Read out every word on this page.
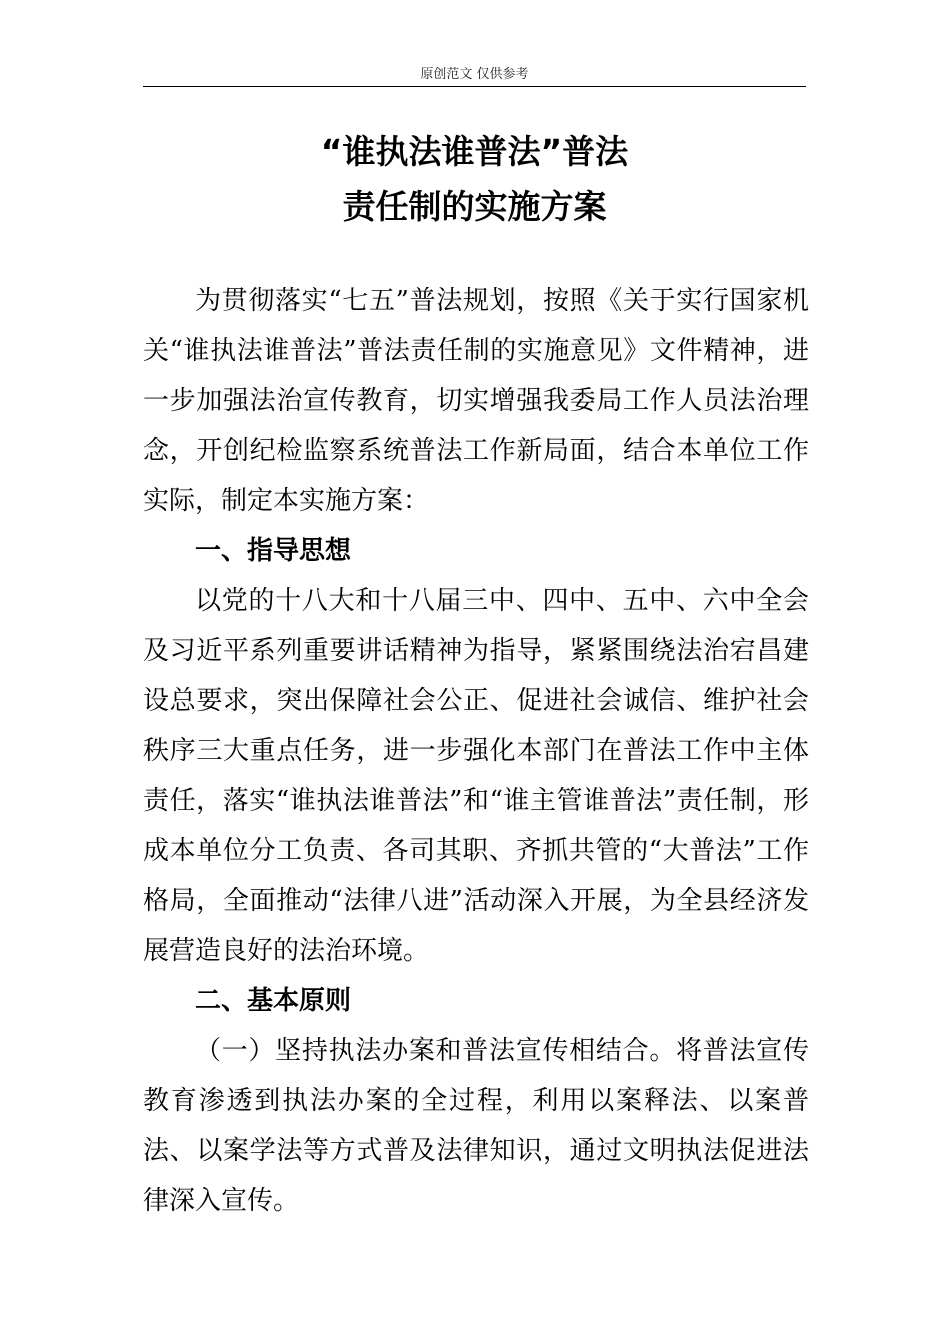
原创范文 仅供参考
“谁执法谁普法”普法
责任制的实施方案

为贯彻落实“七五”普法规划，按照《关于实行国家机关“谁执法谁普法”普法责任制的实施意见》文件精神，进一步加强法治宣传教育，切实增强我委局工作人员法治理念，开创纪检监察系统普法工作新局面，结合本单位工作实际，制定本实施方案：

一、指导思想

以党的十八大和十八届三中、四中、五中、六中全会及习近平系列重要讲话精神为指导，紧紧围绕法治宕昌建设总要求，突出保障社会公正、促进社会诚信、维护社会秩序三大重点任务，进一步强化本部门在普法工作中主体责任，落实“谁执法谁普法”和“谁主管谁普法”责任制，形成本单位分工负责、各司其职、齐抓共管的“大普法”工作格局，全面推动“法律八进”活动深入开展，为全县经济发展营造良好的法治环境。

二、基本原则

（一）坚持执法办案和普法宣传相结合。将普法宣传教育渗透到执法办案的全过程，利用以案释法、以案普法、以案学法等方式普及法律知识，通过文明执法促进法律深入宣传。
